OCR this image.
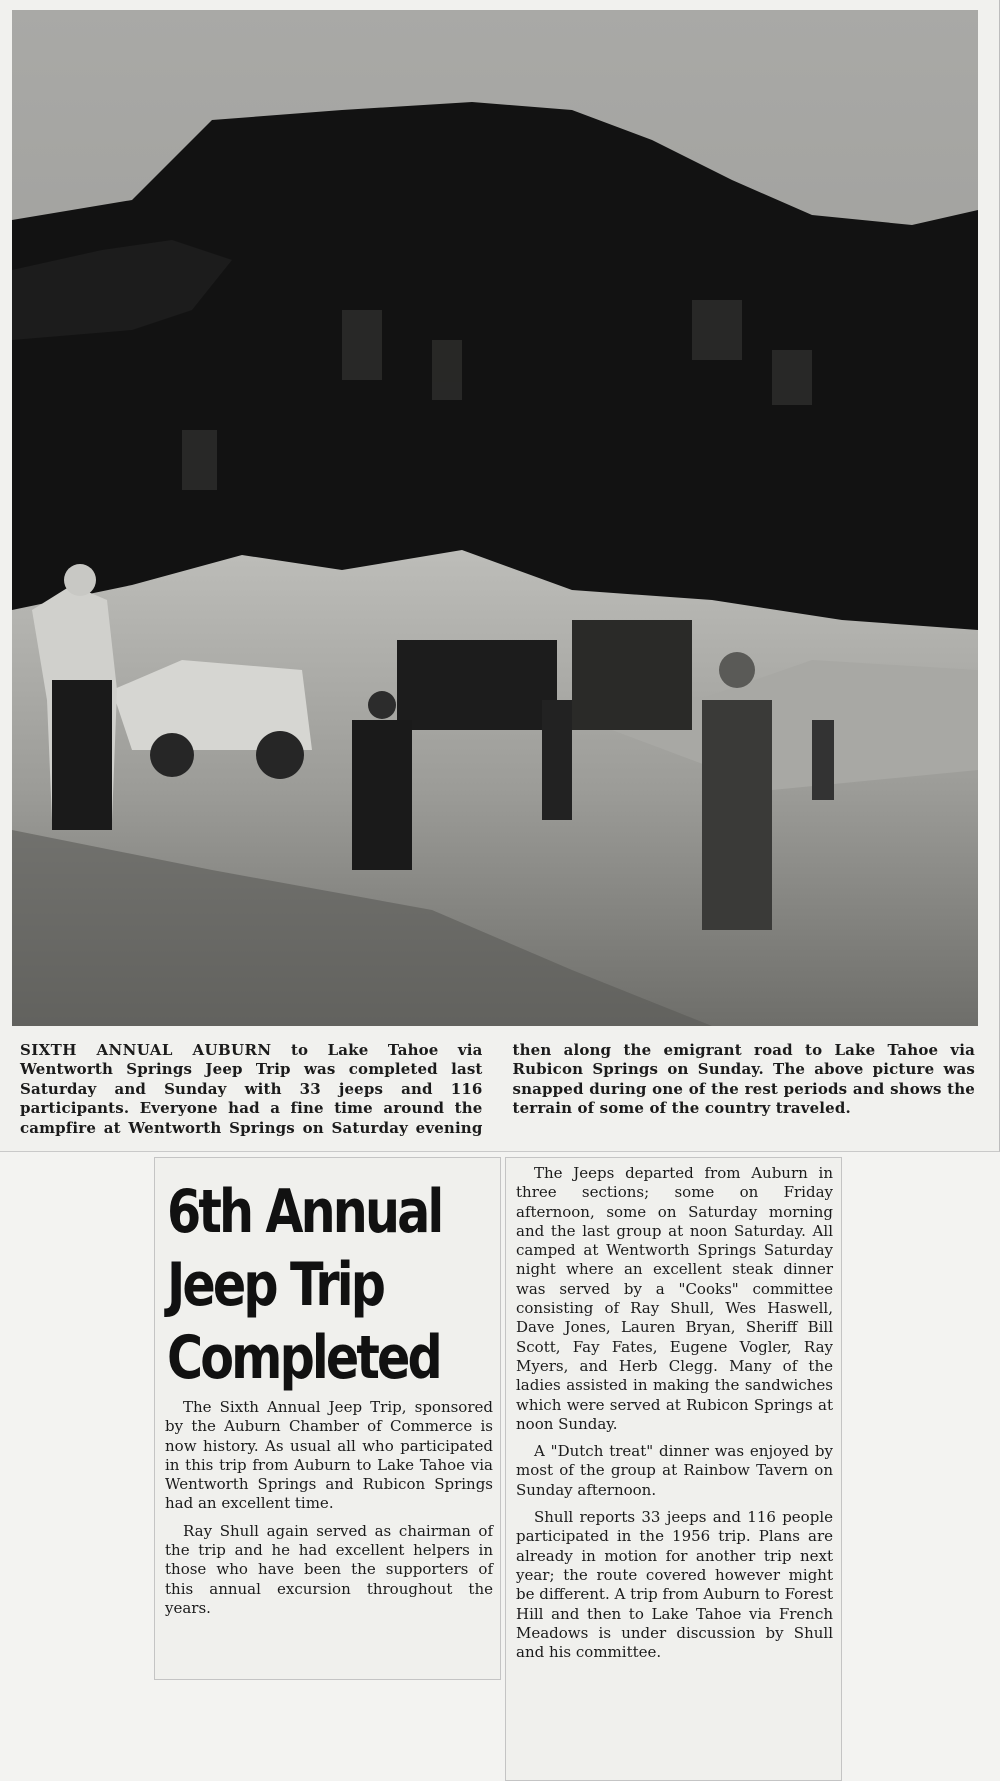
SIXTH ANNUAL AUBURN to Lake Tahoe via Wentworth Springs Jeep Trip was completed last Saturday and Sunday with 33 jeeps and 116 participants. Everyone had a fine time around the campfire at Wentworth Springs on Saturday evening then along the emigrant road to Lake Tahoe via Rubicon Springs on Sunday. The above picture was snapped during one of the rest periods and shows the terrain of some of the country traveled.

6th Annual
Jeep Trip
Completed

The Sixth Annual Jeep Trip, sponsored by the Auburn Chamber of Commerce is now history. As usual all who participated in this trip from Auburn to Lake Tahoe via Wentworth Springs and Rubicon Springs had an excellent time.

Ray Shull again served as chairman of the trip and he had excellent helpers in those who have been the supporters of this annual excursion throughout the years.

The Jeeps departed from Auburn in three sections; some on Friday afternoon, some on Saturday morning and the last group at noon Saturday. All camped at Wentworth Springs Saturday night where an excellent steak dinner was served by a "Cooks" committee consisting of Ray Shull, Wes Haswell, Dave Jones, Lauren Bryan, Sheriff Bill Scott, Fay Fates, Eugene Vogler, Ray Myers, and Herb Clegg. Many of the ladies assisted in making the sandwiches which were served at Rubicon Springs at noon Sunday.

A "Dutch treat" dinner was enjoyed by most of the group at Rainbow Tavern on Sunday afternoon.

Shull reports 33 jeeps and 116 people participated in the 1956 trip. Plans are already in motion for another trip next year; the route covered however might be different. A trip from Auburn to Forest Hill and then to Lake Tahoe via French Meadows is under discussion by Shull and his committee.
